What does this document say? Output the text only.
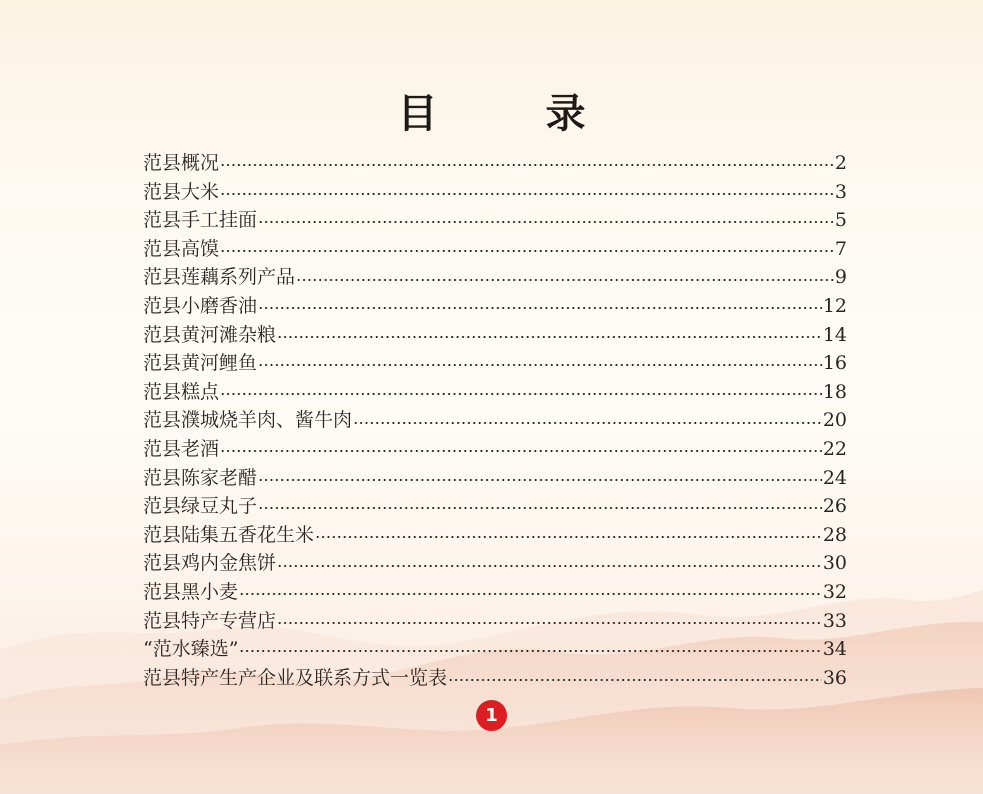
目　录
范县概况	2
范县大米	3
范县手工挂面	5
范县高馍	7
范县莲藕系列产品	9
范县小磨香油	12
范县黄河滩杂粮	14
范县黄河鲤鱼	16
范县糕点	18
范县濮城烧羊肉、酱牛肉	20
范县老酒	22
范县陈家老醋	24
范县绿豆丸子	26
范县陆集五香花生米	28
范县鸡内金焦饼	30
范县黑小麦	32
范县特产专营店	33
“范水臻选”	34
范县特产生产企业及联系方式一览表	36
1
